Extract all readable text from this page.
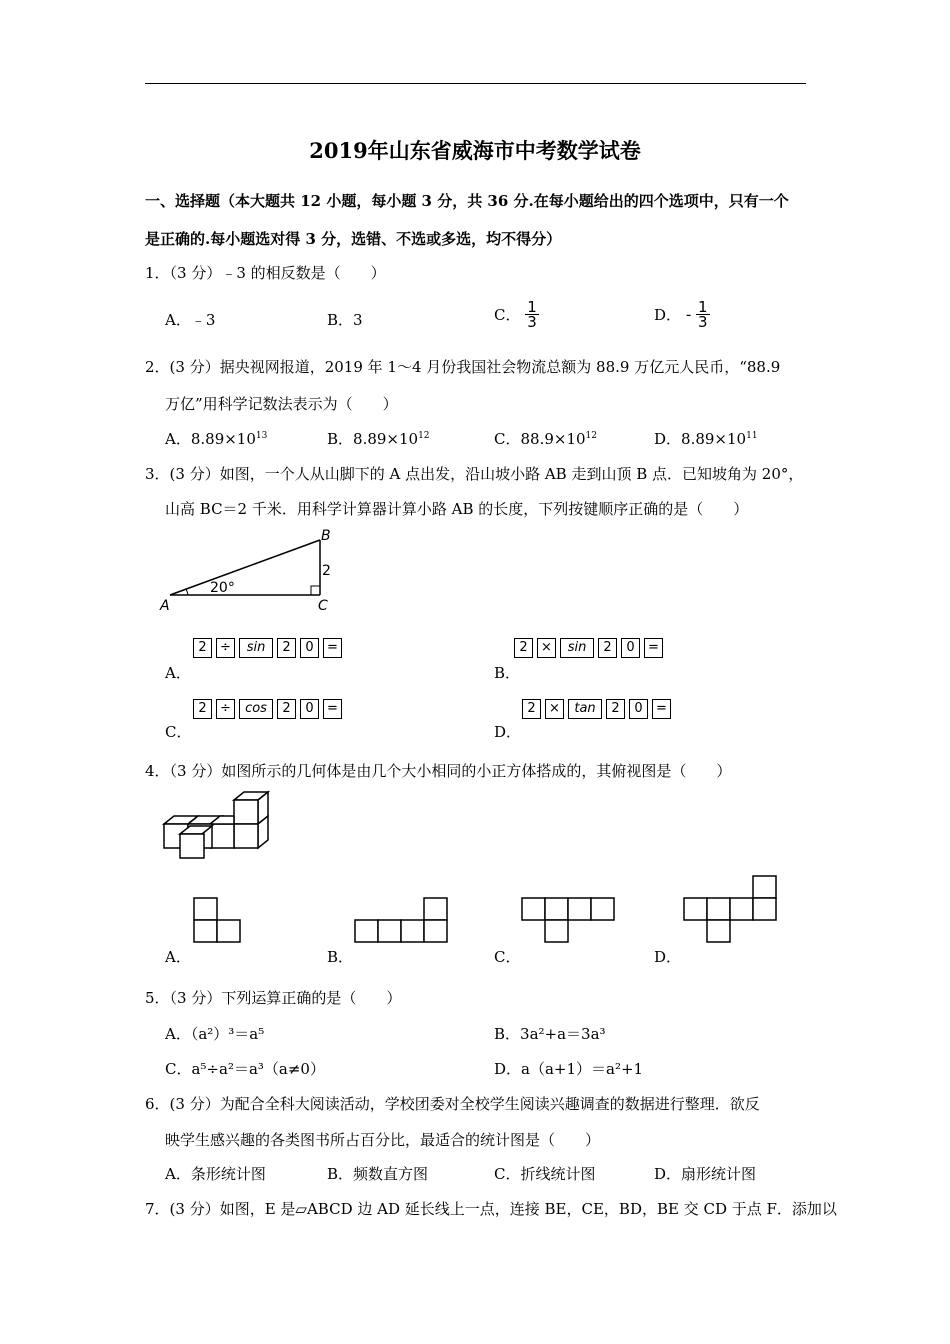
2019年山东省威海市中考数学试卷
一、选择题（本大题共 12 小题，每小题 3 分，共 36 分.在每小题给出的四个选项中，只有一个
是正确的.每小题选对得 3 分，选错、不选或多选，均不得分）
1．（3 分）﹣3 的相反数是（　　）
A．﹣3	B．3	C． $\frac{1}{3}$	D． - $\frac{1}{3}$
2．(3 分）据央视网报道，2019 年 1～4 月份我国社会物流总额为 88.9 万亿元人民币，“88.9
万亿”用科学记数法表示为（　　）
A．$8.89\times 10^{13}$	B．$8.89\times 10^{12}$	C．$88.9\times 10^{12}$	D．$8.89\times 10^{11}$
3．(3 分）如图，一个人从山脚下的 A 点出发，沿山坡小路 AB 走到山顶 B 点．已知坡角为 20°，
山高 BC＝2 千米．用科学计算器计算小路 AB 的长度，下列按键顺序正确的是（　　）
A
B
C
20°
2
A．
2 ÷ sin 2 0 =
B．
2 × sin 2 0 =
C．
2 ÷ cos 2 0 =
D．
2 × tan 2 0 =
4．（3 分）如图所示的几何体是由几个大小相同的小正方体搭成的，其俯视图是（　　）
A．	B．	C．	D．
5．（3 分）下列运算正确的是（　　）
A．（a²）³＝a⁵	B．3a²+a＝3a³
C．a⁵÷a²＝a³（a≠0）	D．a（a+1）＝a²+1
6．(3 分）为配合全科大阅读活动，学校团委对全校学生阅读兴趣调查的数据进行整理．欲反
映学生感兴趣的各类图书所占百分比，最适合的统计图是（　　）
A．条形统计图	B．频数直方图	C．折线统计图	D．扇形统计图
7．(3 分）如图，E 是▱ABCD 边 AD 延长线上一点，连接 BE，CE，BD，BE 交 CD 于点 F．添加以
